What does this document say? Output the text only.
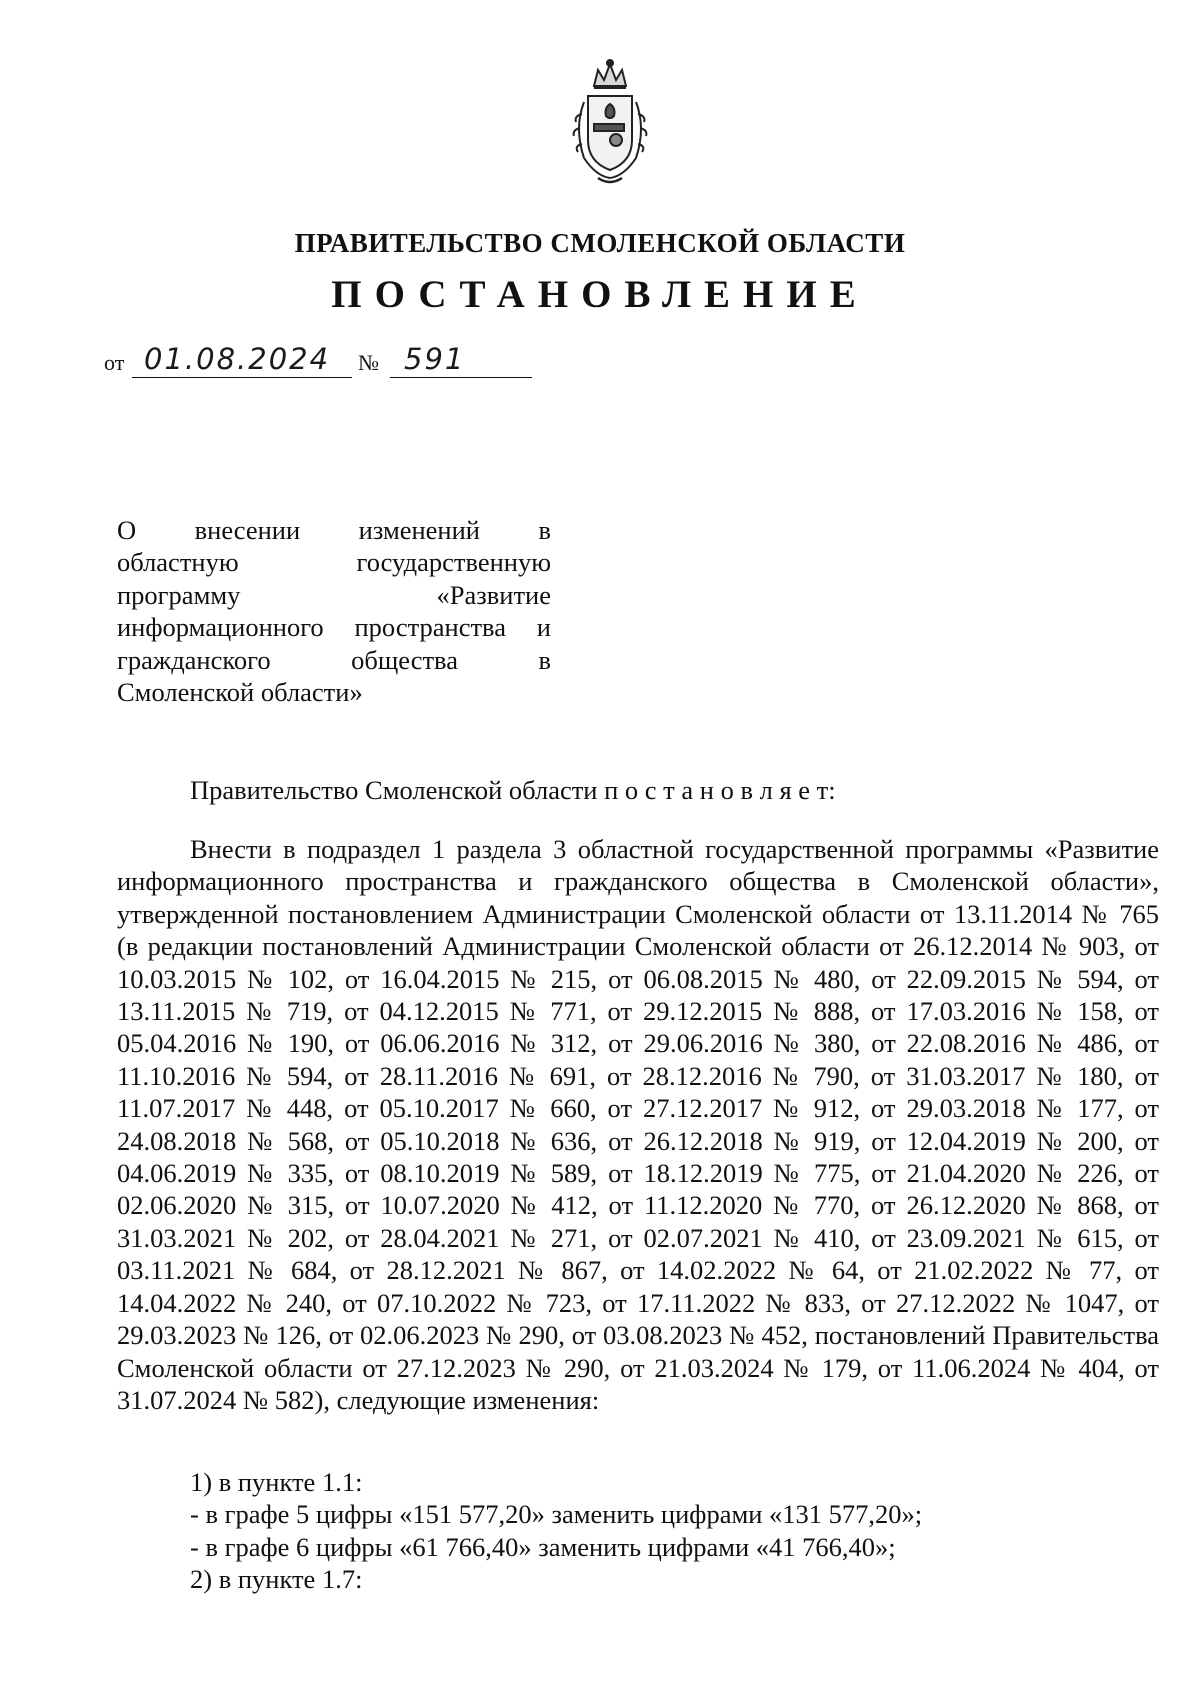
ПРАВИТЕЛЬСТВО СМОЛЕНСКОЙ ОБЛАСТИ
ПОСТАНОВЛЕНИЕ
от 01.08.2024 № 591
О внесении изменений в
областную государственную
программу «Развитие
информационного пространства и
гражданского общества в
Смоленской области»
Правительство Смоленской области п о с т а н о в л я е т:
Внести в подраздел 1 раздела 3 областной государственной программы «Развитие информационного пространства и гражданского общества в Смоленской области», утвержденной постановлением Администрации Смоленской области от 13.11.2014 № 765 (в редакции постановлений Администрации Смоленской области от 26.12.2014 № 903, от 10.03.2015 № 102, от 16.04.2015 № 215, от 06.08.2015 № 480, от 22.09.2015 № 594, от 13.11.2015 № 719, от 04.12.2015 № 771, от 29.12.2015 № 888, от 17.03.2016 № 158, от 05.04.2016 № 190, от 06.06.2016 № 312, от 29.06.2016 № 380, от 22.08.2016 № 486, от 11.10.2016 № 594, от 28.11.2016 № 691, от 28.12.2016 № 790, от 31.03.2017 № 180, от 11.07.2017 № 448, от 05.10.2017 № 660, от 27.12.2017 № 912, от 29.03.2018 № 177, от 24.08.2018 № 568, от 05.10.2018 № 636, от 26.12.2018 № 919, от 12.04.2019 № 200, от 04.06.2019 № 335, от 08.10.2019 № 589, от 18.12.2019 № 775, от 21.04.2020 № 226, от 02.06.2020 № 315, от 10.07.2020 № 412, от 11.12.2020 № 770, от 26.12.2020 № 868, от 31.03.2021 № 202, от 28.04.2021 № 271, от 02.07.2021 № 410, от 23.09.2021 № 615, от 03.11.2021 № 684, от 28.12.2021 № 867, от 14.02.2022 № 64, от 21.02.2022 № 77, от 14.04.2022 № 240, от 07.10.2022 № 723, от 17.11.2022 № 833, от 27.12.2022 № 1047, от 29.03.2023 № 126, от 02.06.2023 № 290, от 03.08.2023 № 452, постановлений Правительства Смоленской области от 27.12.2023 № 290, от 21.03.2024 № 179, от 11.06.2024 № 404, от 31.07.2024 № 582), следующие изменения:
1) в пункте 1.1:
- в графе 5 цифры «151 577,20» заменить цифрами «131 577,20»;
- в графе 6 цифры «61 766,40» заменить цифрами «41 766,40»;
2) в пункте 1.7:
